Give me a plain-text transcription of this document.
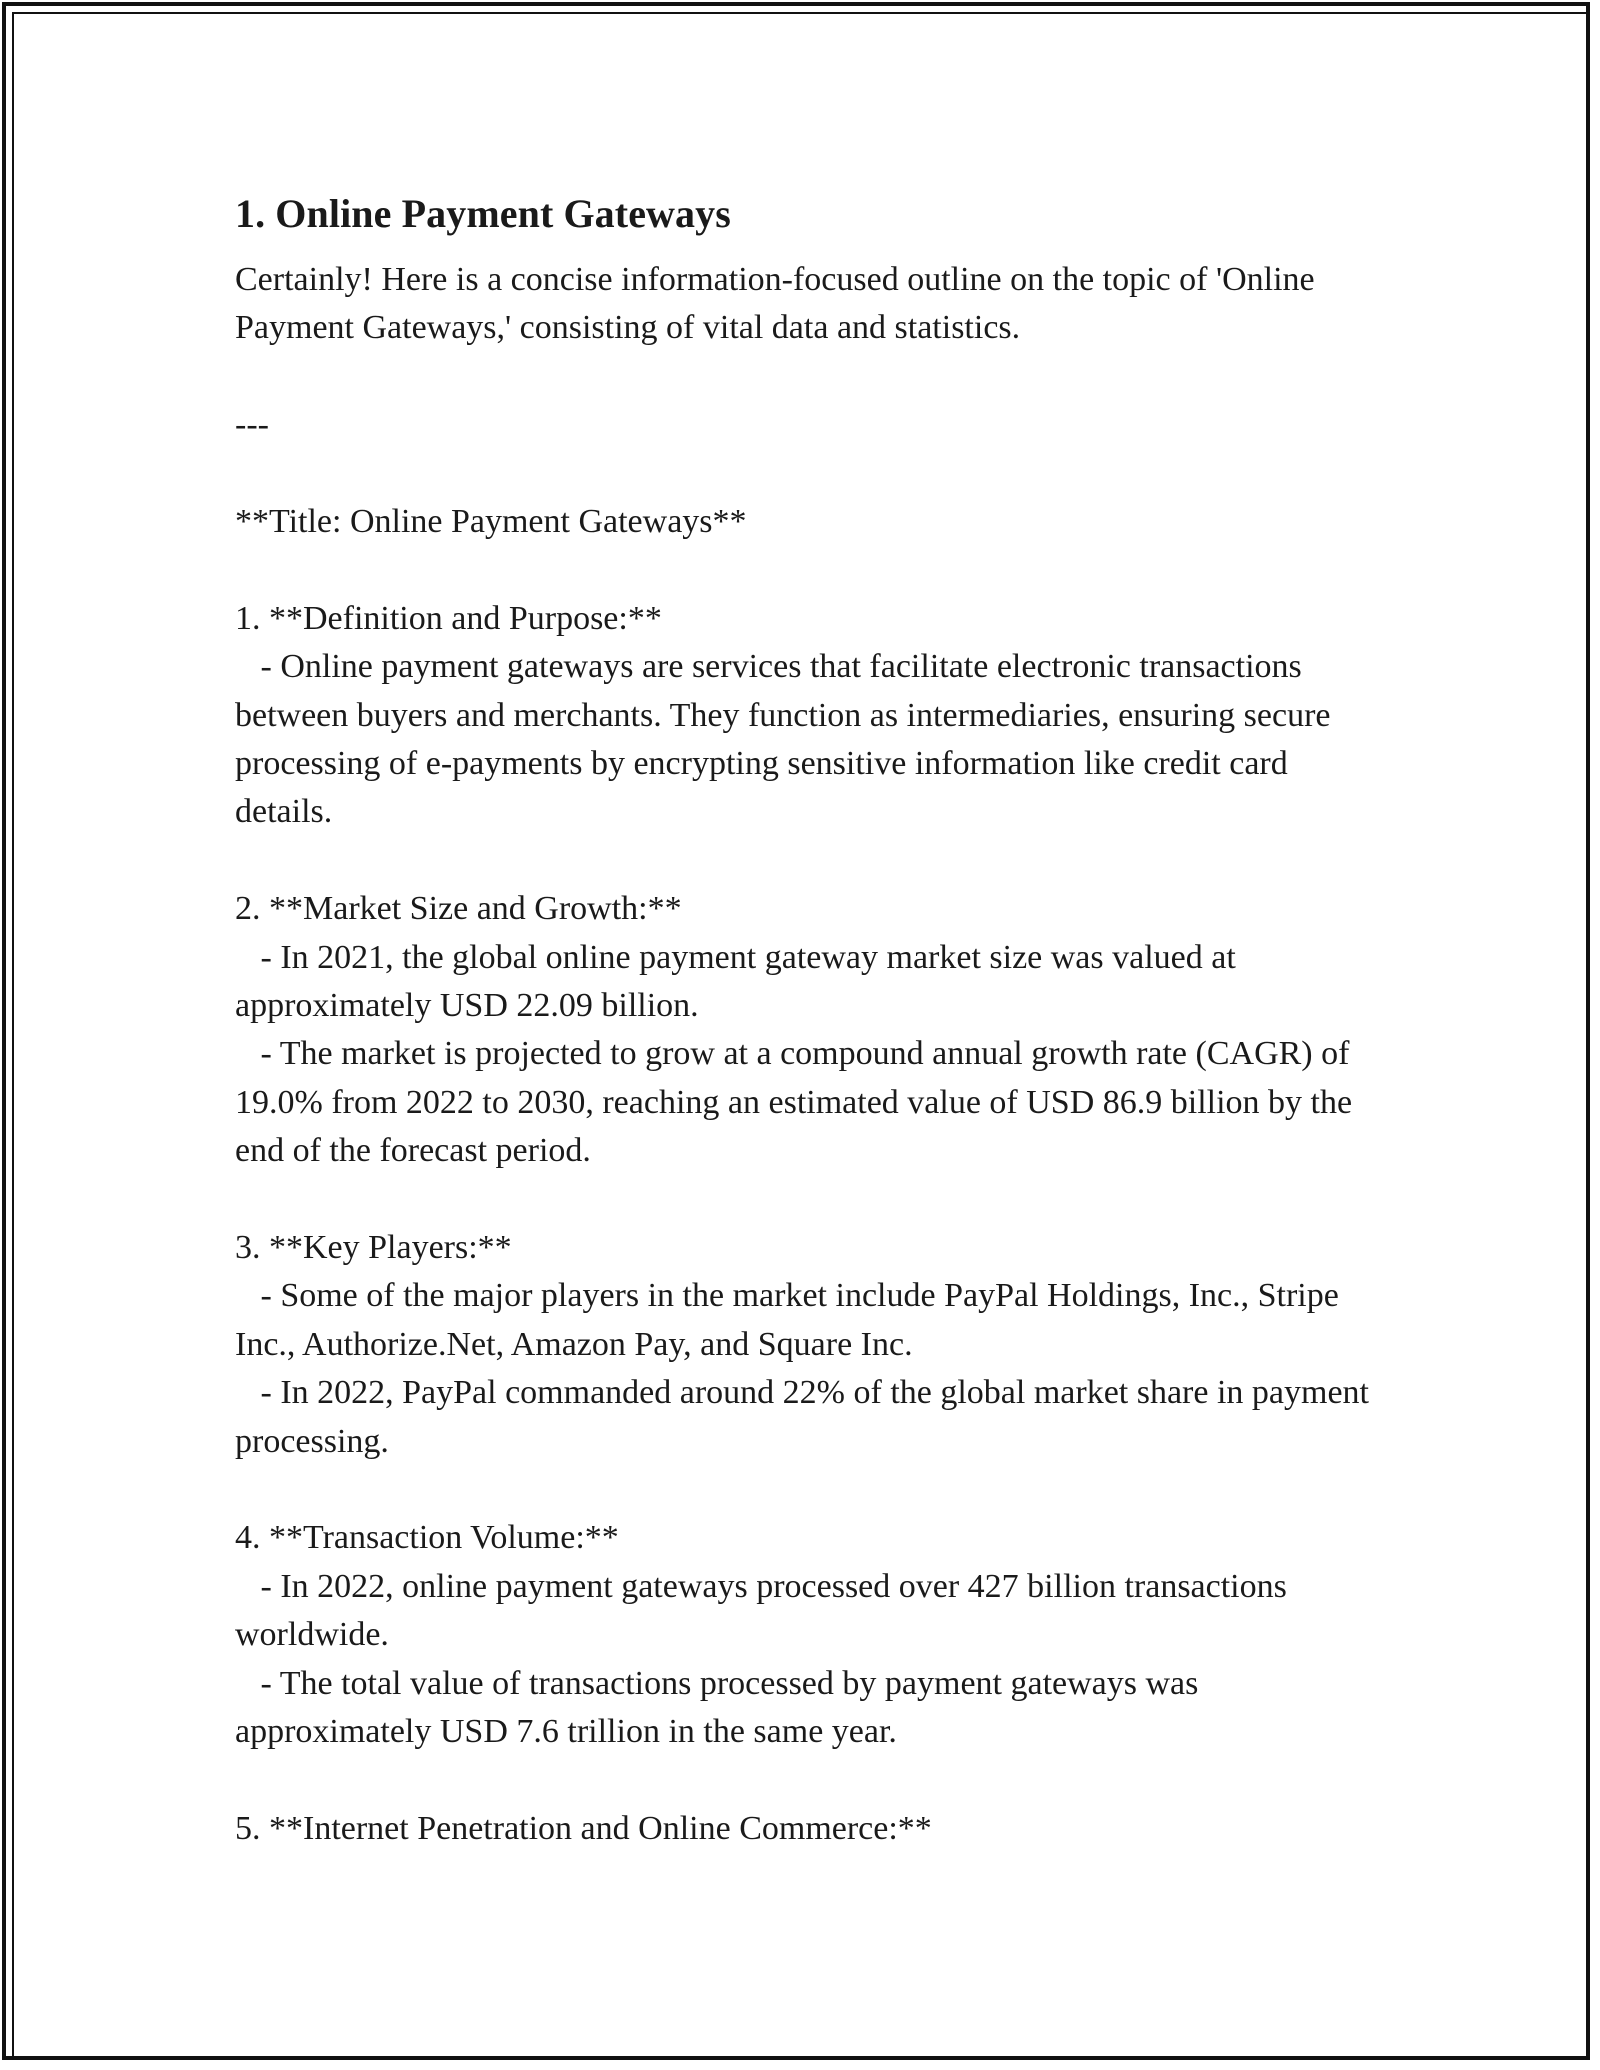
1. Online Payment Gateways

Certainly! Here is a concise information-focused outline on the topic of 'Online Payment Gateways,' consisting of vital data and statistics.

---

**Title: Online Payment Gateways**

1. **Definition and Purpose:**

- Online payment gateways are services that facilitate electronic transactions between buyers and merchants. They function as intermediaries, ensuring secure processing of e-payments by encrypting sensitive information like credit card details.

2. **Market Size and Growth:**

- In 2021, the global online payment gateway market size was valued at approximately USD 22.09 billion.

- The market is projected to grow at a compound annual growth rate (CAGR) of 19.0% from 2022 to 2030, reaching an estimated value of USD 86.9 billion by the end of the forecast period.

3. **Key Players:**

- Some of the major players in the market include PayPal Holdings, Inc., Stripe Inc., Authorize.Net, Amazon Pay, and Square Inc.

- In 2022, PayPal commanded around 22% of the global market share in payment processing.

4. **Transaction Volume:**

- In 2022, online payment gateways processed over 427 billion transactions worldwide.

- The total value of transactions processed by payment gateways was approximately USD 7.6 trillion in the same year.

5. **Internet Penetration and Online Commerce:**
